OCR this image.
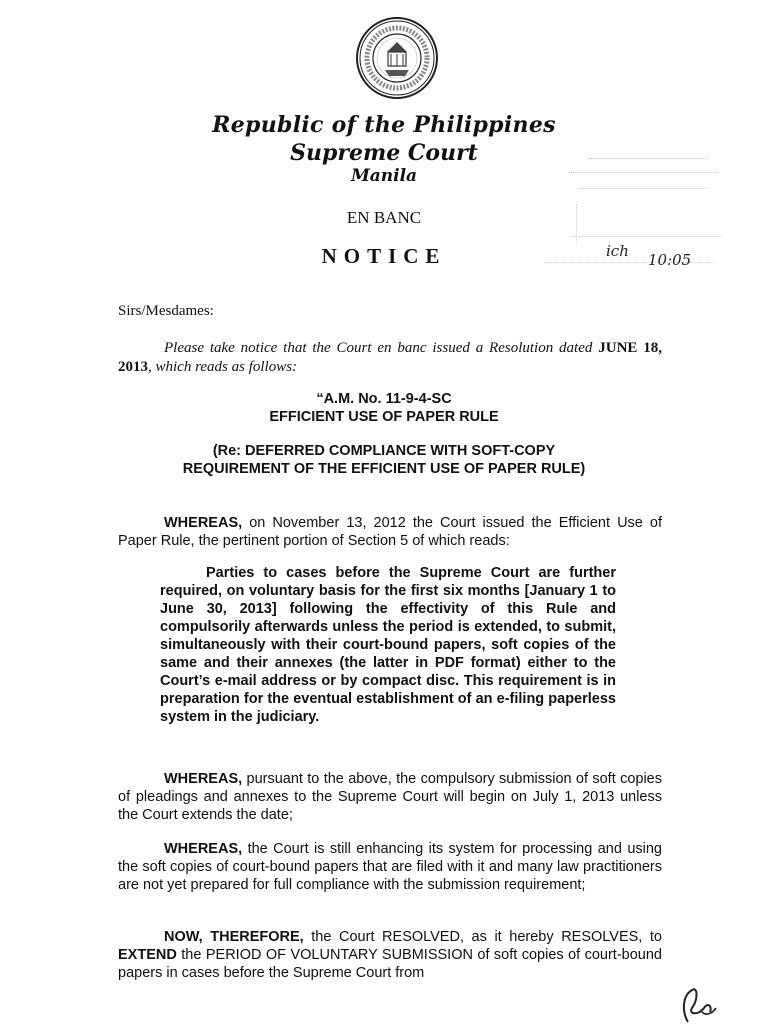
Republic of the Philippines
Supreme Court
Manila
EN BANC
NOTICE	ich 10:05
Sirs/Mesdames:
Please take notice that the Court en banc issued a Resolution dated JUNE 18, 2013, which reads as follows:
“A.M. No. 11-9-4-SC
EFFICIENT USE OF PAPER RULE
(Re: DEFERRED COMPLIANCE WITH SOFT-COPY
REQUIREMENT OF THE EFFICIENT USE OF PAPER RULE)
WHEREAS, on November 13, 2012 the Court issued the Efficient Use of Paper Rule, the pertinent portion of Section 5 of which reads:
Parties to cases before the Supreme Court are further required, on voluntary basis for the first six months [January 1 to June 30, 2013] following the effectivity of this Rule and compulsorily afterwards unless the period is extended, to submit, simultaneously with their court-bound papers, soft copies of the same and their annexes (the latter in PDF format) either to the Court’s e-mail address or by compact disc. This requirement is in preparation for the eventual establishment of an e-filing paperless system in the judiciary.
WHEREAS, pursuant to the above, the compulsory submission of soft copies of pleadings and annexes to the Supreme Court will begin on July 1, 2013 unless the Court extends the date;
WHEREAS, the Court is still enhancing its system for processing and using the soft copies of court-bound papers that are filed with it and many law practitioners are not yet prepared for full compliance with the submission requirement;
NOW, THEREFORE, the Court RESOLVED, as it hereby RESOLVES, to EXTEND the PERIOD OF VOLUNTARY SUBMISSION of soft copies of court-bound papers in cases before the Supreme Court from
